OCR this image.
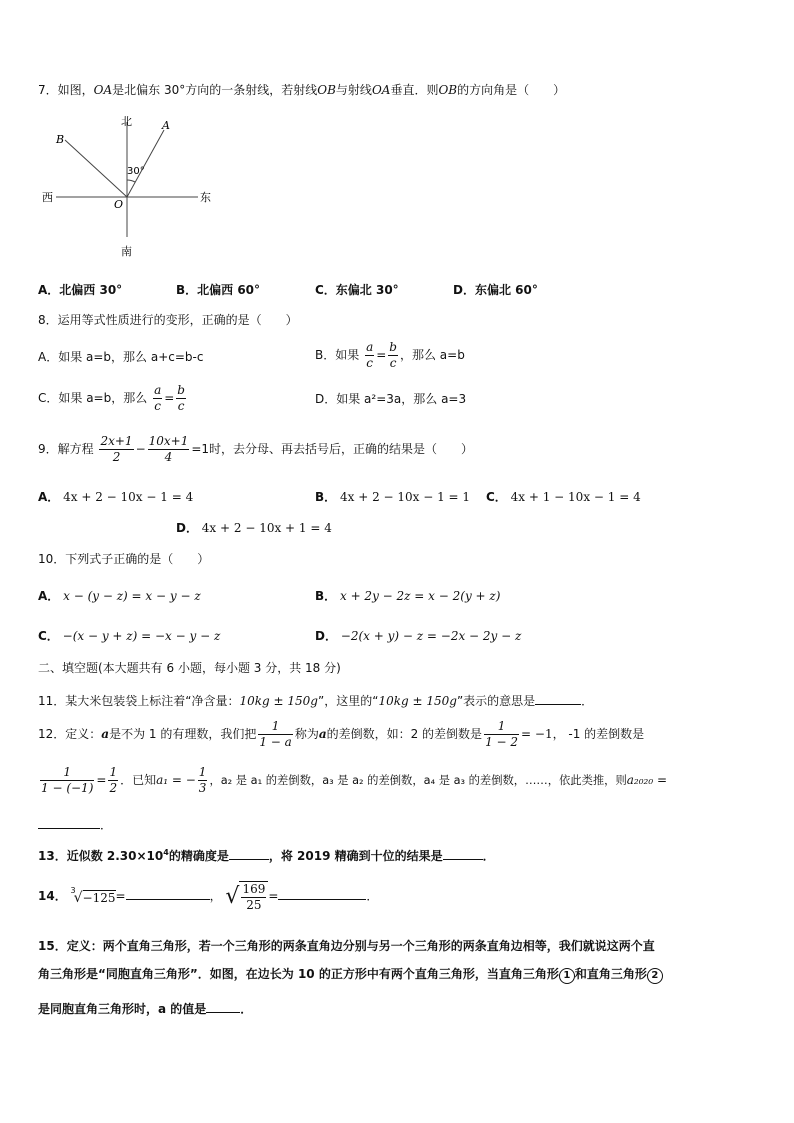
7．如图，OA是北偏东 30°方向的一条射线，若射线OB与射线OA垂直．则OB的方向角是（　　）
北
南
东
西
O
A
B
30°
A．北偏西 30°	B．北偏西 60°	C．东偏北 30°	D．东偏北 60°
8．运用等式性质进行的变形，正确的是（　　）
A．如果 a=b，那么 a+c=b-c	B．如果 $\frac{a}{c} = \frac{b}{c}$ ，那么 a=b
C．如果 a=b，那么 $\frac{a}{c} = \frac{b}{c}$	D．如果 a²=3a，那么 a=3
9．解方程 $\frac{2x+1}{2} - \frac{10x+1}{4} =1$时，去分母、再去括号后，正确的结果是（　　）
A． 4x + 2 − 10x − 1 = 4	B． 4x + 2 − 10x − 1 = 1 C． 4x + 1 − 10x − 1 = 4
D． 4x + 2 − 10x + 1 = 4
10．下列式子正确的是（　　）
A． x − (y − z) = x − y − z	B． x + 2y − 2z = x − 2(y + z)
C． −(x − y + z) = −x − y − z	D． −2(x + y) − z = −2x − 2y − z
二、填空题(本大题共有 6 小题，每小题 3 分，共 18 分)
11．某大米包装袋上标注着“净含量：10kg ± 150g”，这里的“10kg ± 150g”表示的意思是	．
12．定义：a是不为 1 的有理数，我们把 $\frac{1}{1 - a}$ 称为a的差倒数，如：2 的差倒数是 $\frac{1}{1 - 2} = -1$， -1 的差倒数是
$\frac{1}{1 - (-1)} = \frac{1}{2}$ ．已知a₁ = − $\frac{1}{3}$ ，a₂ 是 a₁ 的差倒数，a₃ 是 a₂ 的差倒数，a₄ 是 a₃ 的差倒数，……，依此类推，则a₂₀₂₀ =
．
13．近似数 $2.30\times 10^4$的精确度是	，将 2019 精确到十位的结果是	．
14． $^3$√−125=	， √ $\frac{169}{25}$ =	．
15．定义：两个直角三角形，若一个三角形的两条直角边分别与另一个三角形的两条直角边相等，我们就说这两个直
角三角形是“同胞直角三角形”．如图，在边长为 10 的正方形中有两个直角三角形，当直角三角形 1 和直角三角形 2
是同胞直角三角形时，a 的值是	．
